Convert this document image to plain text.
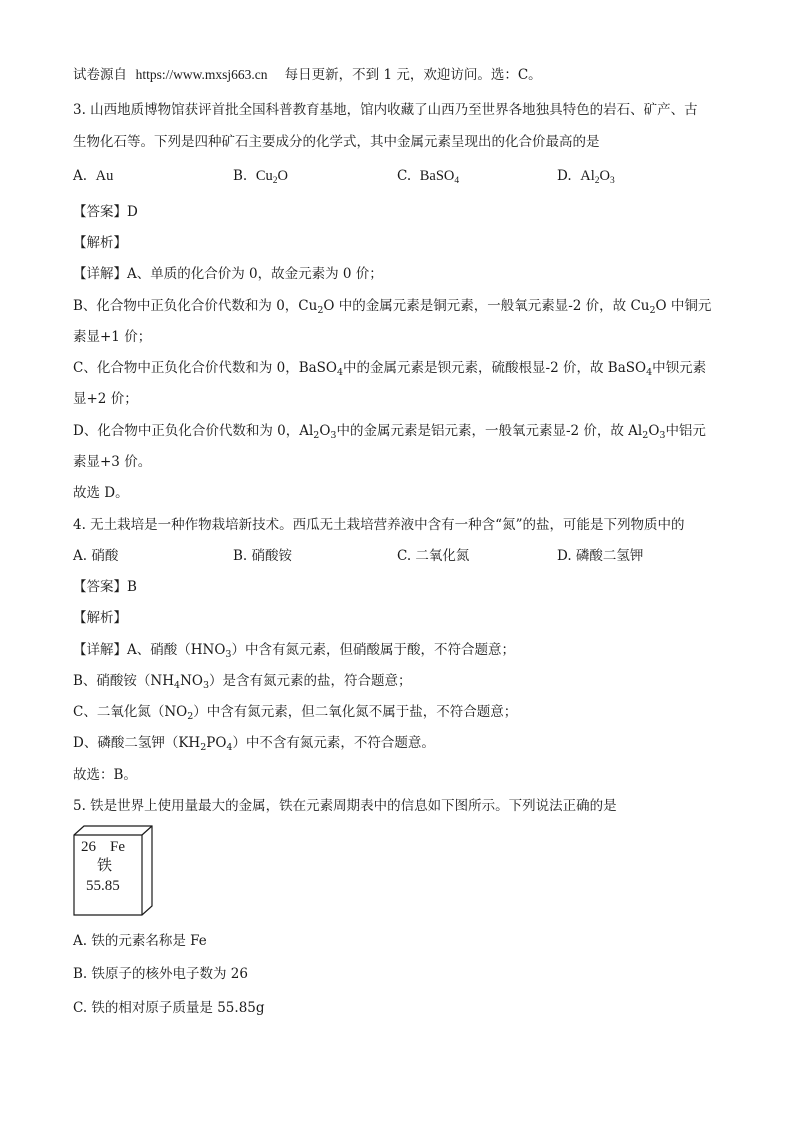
试卷源自 https://www.mxsj663.cn 每日更新，不到 1 元，欢迎访问。选：C。
3. 山西地质博物馆获评首批全国科普教育基地，馆内收藏了山西乃至世界各地独具特色的岩石、矿产、古
生物化石等。下列是四种矿石主要成分的化学式，其中金属元素呈现出的化合价最高的是
A. Au	B. $Cu_2O$	C. BaSO$_4$	D. $Al_2O_3$
【答案】D
【解析】
【详解】A、单质的化合价为 0，故金元素为 0 价；
B、化合物中正负化合价代数和为 0，$Cu_2O$ 中的金属元素是铜元素，一般氧元素显-2 价，故 $Cu_2O$ 中铜元
素显+1 价；
C、化合物中正负化合价代数和为 0，BaSO$_4$中的金属元素是钡元素，硫酸根显-2 价，故 BaSO$_4$中钡元素
显+2 价；
D、化合物中正负化合价代数和为 0，$Al_2O_3$中的金属元素是铝元素，一般氧元素显-2 价，故 $Al_2O_3$中铝元
素显+3 价。
故选 D。
4. 无土栽培是一种作物栽培新技术。西瓜无土栽培营养液中含有一种含“氮”的盐，可能是下列物质中的
A. 硝酸	B. 硝酸铵	C. 二氧化氮	D. 磷酸二氢钾
【答案】B
【解析】
【详解】A、硝酸$(HNO_3)$中含有氮元素，但硝酸属于酸，不符合题意；
B、硝酸铵$(NH_4NO_3)$是含有氮元素的盐，符合题意；
C、二氧化氮$(NO_2)$中含有氮元素，但二氧化氮不属于盐，不符合题意；
D、磷酸二氢钾$(KH_2PO_4)$中不含有氮元素，不符合题意。
故选：B。
5. 铁是世界上使用量最大的金属，铁在元素周期表中的信息如下图所示。下列说法正确的是
26 Fe
铁
55.85
A. 铁的元素名称是 Fe
B. 铁原子的核外电子数为 26
C. 铁的相对原子质量是 55.85g
